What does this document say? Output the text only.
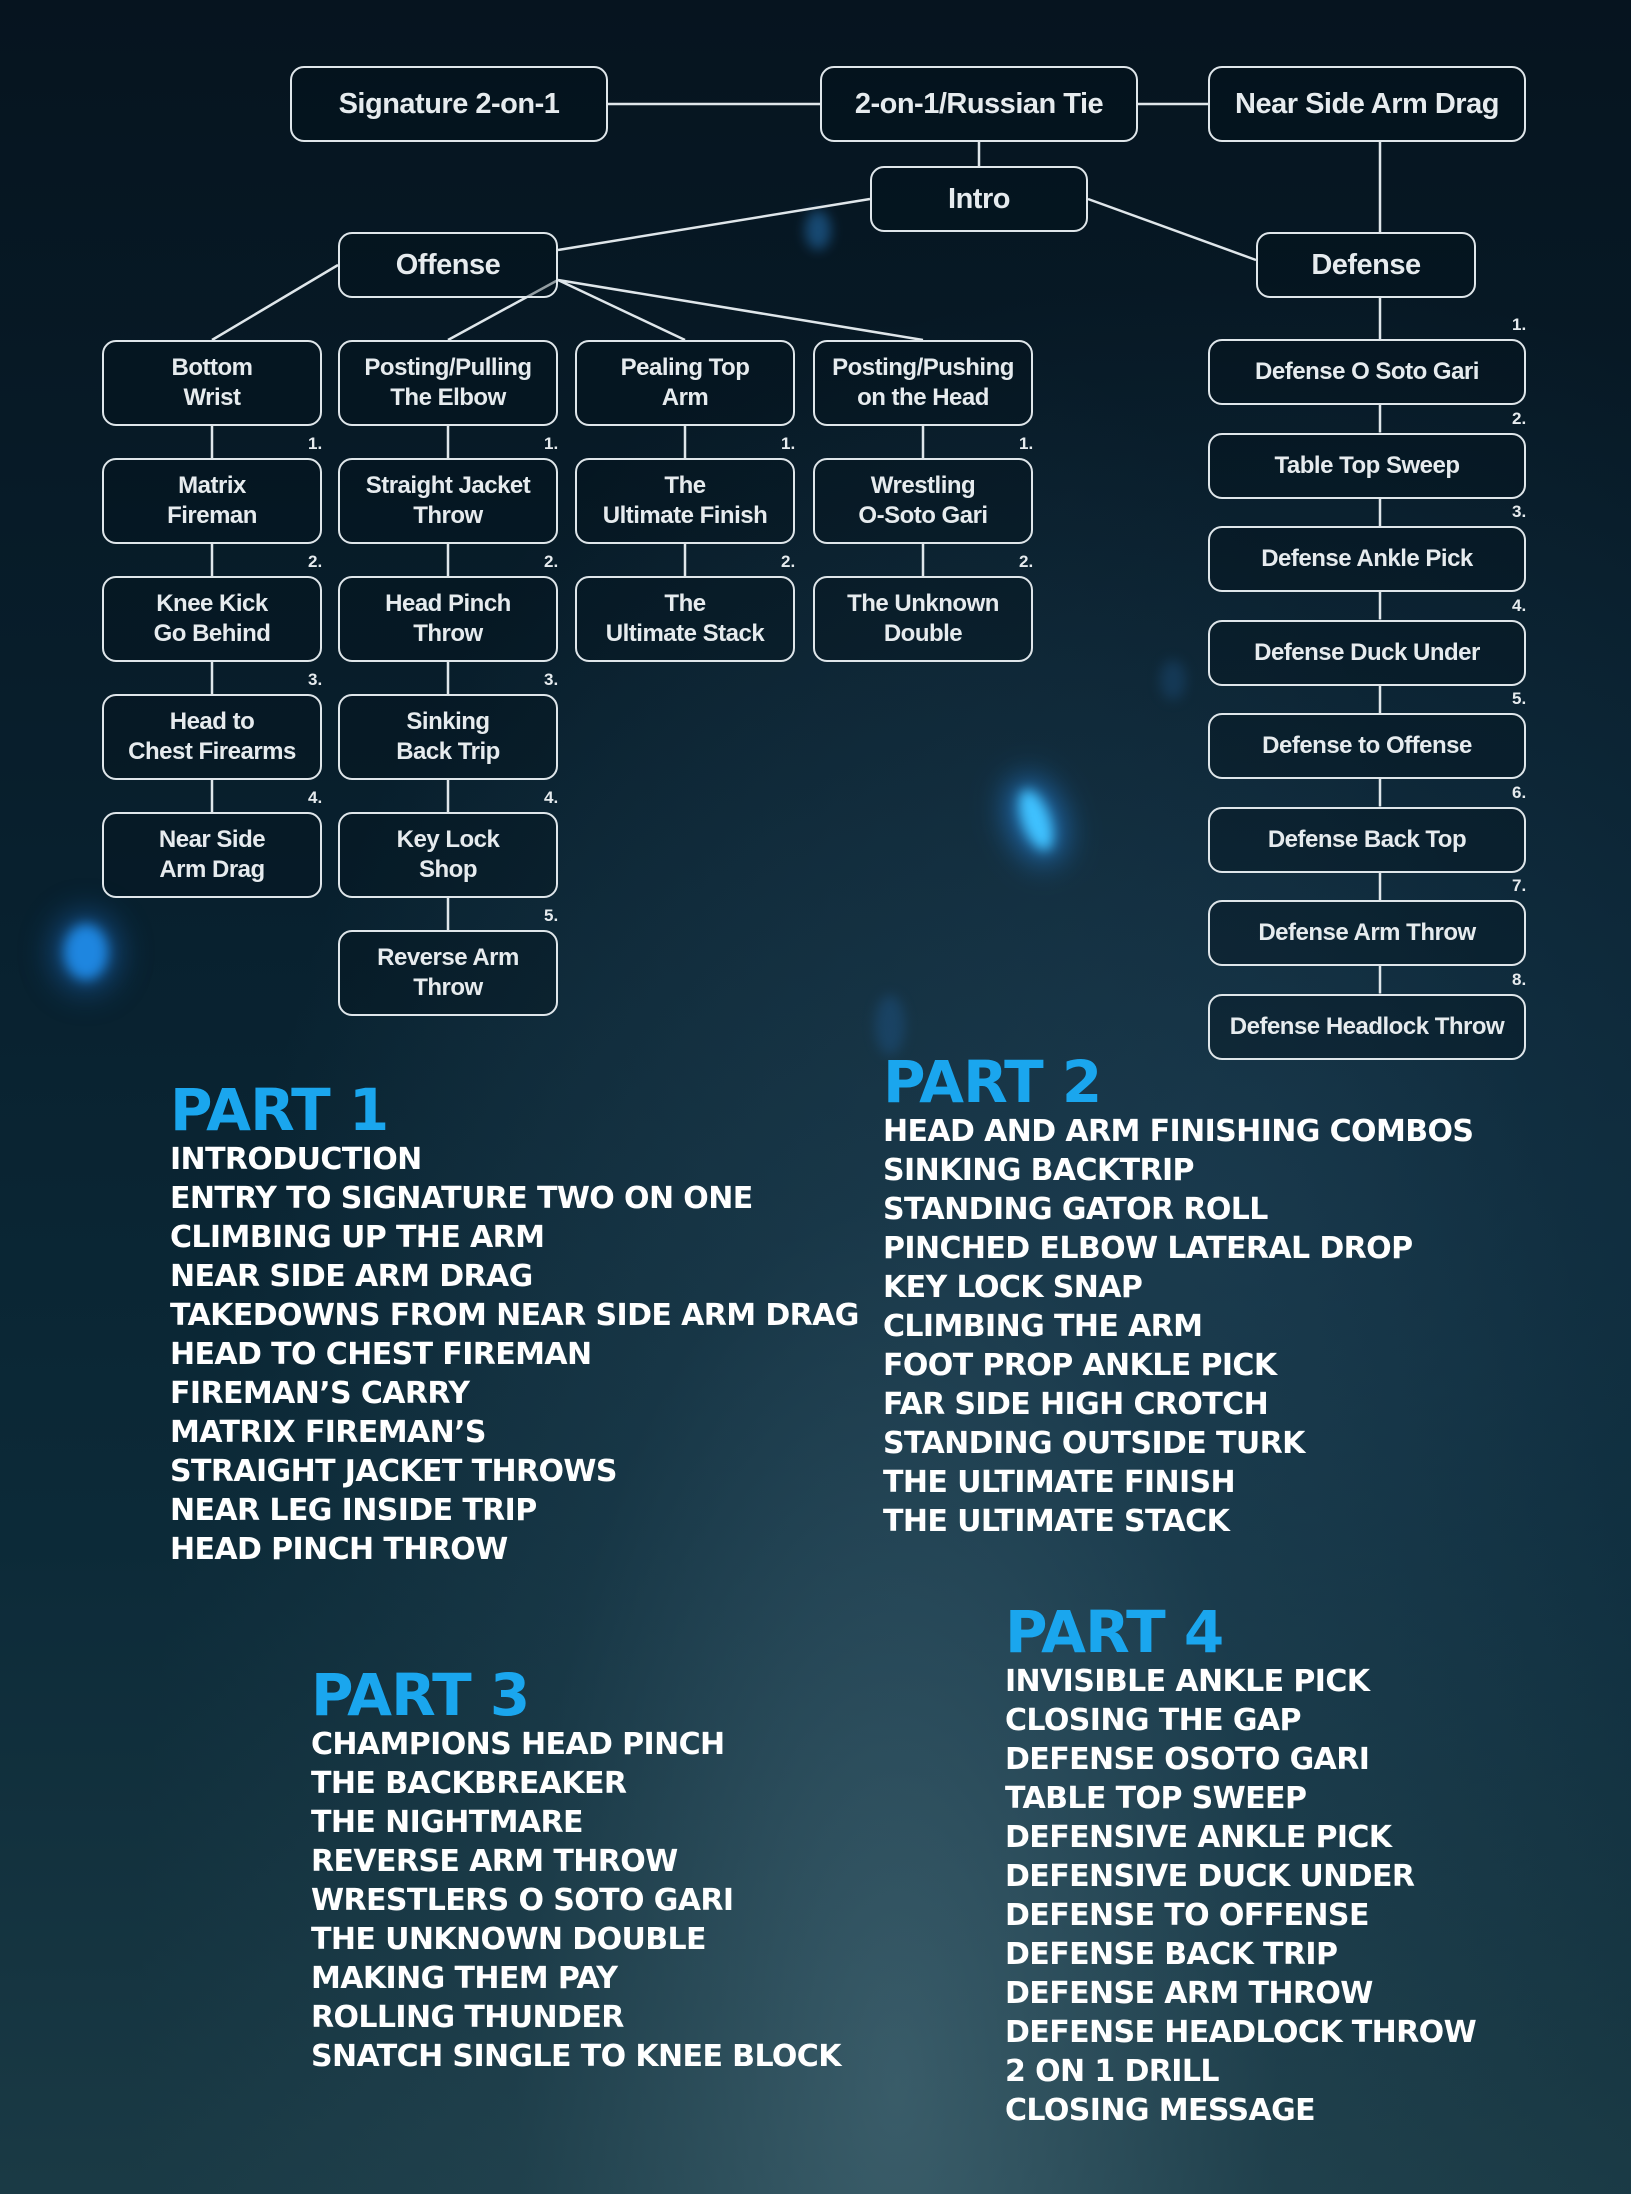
Signature 2-on-1	2-on-1/Russian Tie	Near Side Arm Drag
Intro
Offense	Defense
Bottom
Wrist
1.
Matrix
Fireman
2.
Knee Kick
Go Behind
3.
Head to
Chest Firearms
4.
Near Side
Arm Drag
Posting/Pulling
The Elbow
1.
Straight Jacket
Throw
2.
Head Pinch
Throw
3.
Sinking
Back Trip
4.
Key Lock
Shop
5.
Reverse Arm
Throw
Pealing Top
Arm
1.
The
Ultimate Finish
2.
The
Ultimate Stack
Posting/Pushing
on the Head
1.
Wrestling
O-Soto Gari
2.
The Unknown
Double
1.
Defense O Soto Gari
2.
Table Top Sweep
3.
Defense Ankle Pick
4.
Defense Duck Under
5.
Defense to Offense
6.
Defense Back Top
7.
Defense Arm Throw
8.
Defense Headlock Throw
PART 1
INTRODUCTION
ENTRY TO SIGNATURE TWO ON ONE
CLIMBING UP THE ARM
NEAR SIDE ARM DRAG
TAKEDOWNS FROM NEAR SIDE ARM DRAG
HEAD TO CHEST FIREMAN
FIREMAN’S CARRY
MATRIX FIREMAN’S
STRAIGHT JACKET THROWS
NEAR LEG INSIDE TRIP
HEAD PINCH THROW
PART 2
HEAD AND ARM FINISHING COMBOS
SINKING BACKTRIP
STANDING GATOR ROLL
PINCHED ELBOW LATERAL DROP
KEY LOCK SNAP
CLIMBING THE ARM
FOOT PROP ANKLE PICK
FAR SIDE HIGH CROTCH
STANDING OUTSIDE TURK
THE ULTIMATE FINISH
THE ULTIMATE STACK
PART 3
CHAMPIONS HEAD PINCH
THE BACKBREAKER
THE NIGHTMARE
REVERSE ARM THROW
WRESTLERS O SOTO GARI
THE UNKNOWN DOUBLE
MAKING THEM PAY
ROLLING THUNDER
SNATCH SINGLE TO KNEE BLOCK
PART 4
INVISIBLE ANKLE PICK
CLOSING THE GAP
DEFENSE OSOTO GARI
TABLE TOP SWEEP
DEFENSIVE ANKLE PICK
DEFENSIVE DUCK UNDER
DEFENSE TO OFFENSE
DEFENSE BACK TRIP
DEFENSE ARM THROW
DEFENSE HEADLOCK THROW
2 ON 1 DRILL
CLOSING MESSAGE
